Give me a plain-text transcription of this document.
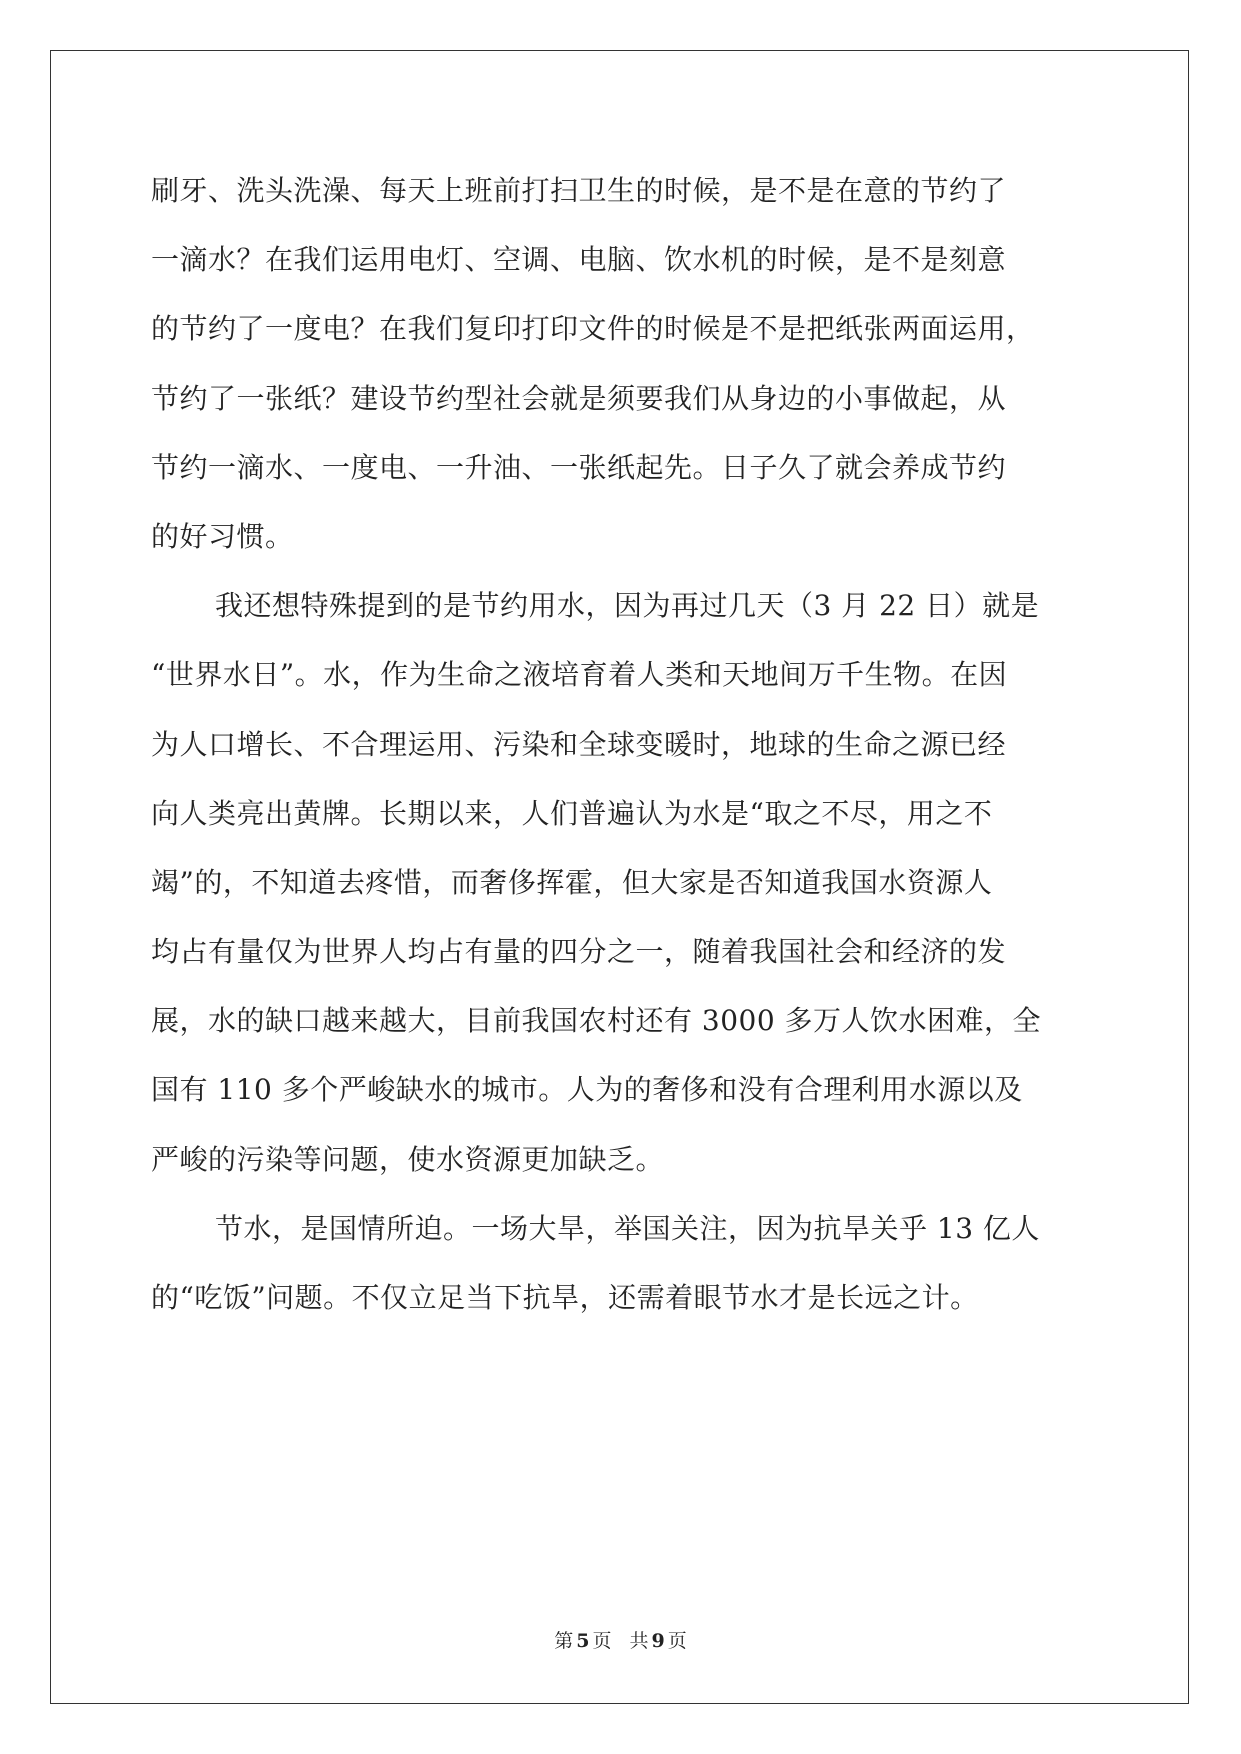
刷牙、洗头洗澡、每天上班前打扫卫生的时候，是不是在意的节约了
一滴水？在我们运用电灯、空调、电脑、饮水机的时候，是不是刻意
的节约了一度电？在我们复印打印文件的时候是不是把纸张两面运用，
节约了一张纸？建设节约型社会就是须要我们从身边的小事做起，从
节约一滴水、一度电、一升油、一张纸起先。日子久了就会养成节约
的好习惯。
我还想特殊提到的是节约用水，因为再过几天（3 月 22 日）就是
“世界水日”。水，作为生命之液培育着人类和天地间万千生物。在因
为人口增长、不合理运用、污染和全球变暖时，地球的生命之源已经
向人类亮出黄牌。长期以来，人们普遍认为水是“取之不尽，用之不
竭”的，不知道去疼惜，而奢侈挥霍，但大家是否知道我国水资源人
均占有量仅为世界人均占有量的四分之一，随着我国社会和经济的发
展，水的缺口越来越大，目前我国农村还有 3000 多万人饮水困难，全
国有 110 多个严峻缺水的城市。人为的奢侈和没有合理利用水源以及
严峻的污染等问题，使水资源更加缺乏。
节水，是国情所迫。一场大旱，举国关注，因为抗旱关乎 13 亿人
的“吃饭”问题。不仅立足当下抗旱，还需着眼节水才是长远之计。
第 5 页 共 9 页
